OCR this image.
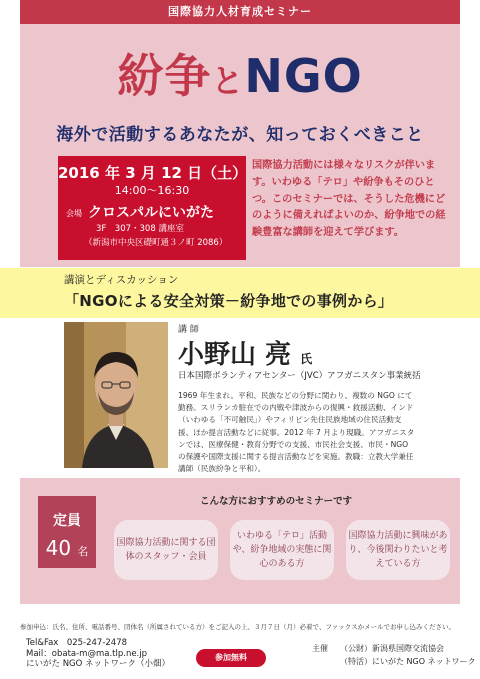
国際協力人材育成セミナー
紛争とNGO
海外で活動するあなたが、知っておくべきこと
2016 年 3 月 12 日（土）
14:00～16:30
会場 クロスパルにいがた
3F　307・308 講座室
（新潟市中央区礎町通３ノ町 2086）
国際協力活動には様々なリスクが伴います。いわゆる「テロ」や紛争もそのひとつ。このセミナーでは、そうした危機にどのように備えればよいのか、紛争地での経験豊富な講師を迎えて学びます。
講演とディスカッション
「NGOによる安全対策－紛争地での事例から」
講 師
小野山 亮 氏
日本国際ボランティアセンター（JVC）アフガニスタン事業統括
1969 年生まれ。平和、民族などの分野に関わり、複数の NGO にて勤務。スリランカ駐在での内戦や津波からの復興・救援活動、インド（いわゆる「不可触民」）やフィリピン先住民族地域の住民活動支援、ほか提言活動などに従事。2012 年 7 月より現職。アフガニスタンでは、医療保健・教育分野での支援、市民社会支援、市民・NGO の保護や国際支援に関する提言活動などを実施。教職：立教大学兼任講師（民族紛争と平和）。
定員
40 名
こんな方におすすめのセミナーです
国際協力活動に関する団体のスタッフ・会員
いわゆる「テロ」活動や、紛争地域の実態に関心のある方
国際協力活動に興味があり、今後関わりたいと考えている方
参加申込：氏名、住所、電話番号、団体名（所属されている方）をご記入の上、３月７日（月）必着で、ファックスかメールでお申し込みください。
Tel&Fax　025-247-2478
Mail：obata-m@ma.tlp.ne.jp
にいがた NGO ネットワーク（小畑）
参加無料
主催 （公財）新潟県国際交流協会
（特活）にいがた NGO ネットワーク
